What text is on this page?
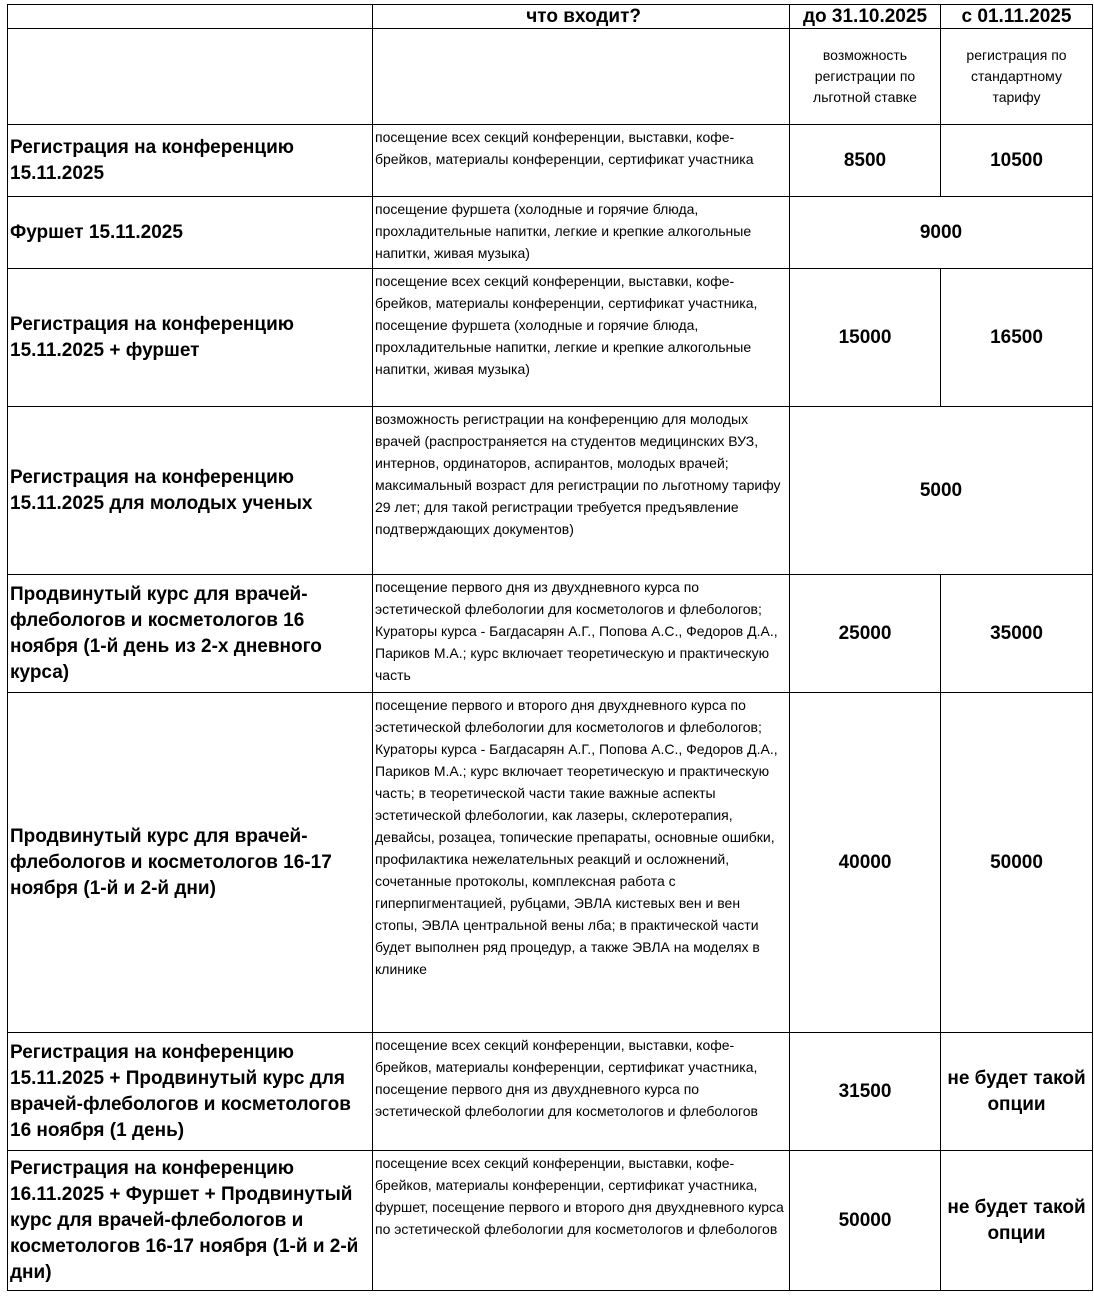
	что входит?	до 31.10.2025	с 01.11.2025
		возможность регистрации по льготной ставке	регистрация по стандартному тарифу
Регистрация на конференцию 15.11.2025	посещение всех секций конференции, выставки, кофе-брейков, материалы конференции, сертификат участника	8500	10500
Фуршет 15.11.2025	посещение фуршета (холодные и горячие блюда, прохладительные напитки, легкие и крепкие алкогольные напитки, живая музыка)	9000	
Регистрация на конференцию 15.11.2025 + фуршет	посещение всех секций конференции, выставки, кофе-брейков, материалы конференции, сертификат участника, посещение фуршета (холодные и горячие блюда, прохладительные напитки, легкие и крепкие алкогольные напитки, живая музыка)	15000	16500
Регистрация на конференцию 15.11.2025 для молодых ученых	возможность регистрации на конференцию для молодых врачей (распространяется на студентов медицинских ВУЗ, интернов, ординаторов, аспирантов, молодых врачей; максимальный возраст для регистрации по льготному тарифу 29 лет; для такой регистрации требуется предъявление подтверждающих документов)	5000	
Продвинутый курс для врачей-флебологов и косметологов 16 ноября (1-й день из 2-х дневного курса)	посещение первого дня из двухдневного курса по эстетической флебологии для косметологов и флебологов; Кураторы курса - Багдасарян А.Г., Попова А.С., Федоров Д.А., Париков М.А.; курс включает теоретическую и практическую часть	25000	35000
Продвинутый курс для врачей-флебологов и косметологов 16-17 ноября (1-й и 2-й дни)	посещение первого и второго дня двухдневного курса по эстетической флебологии для косметологов и флебологов; Кураторы курса - Багдасарян А.Г., Попова А.С., Федоров Д.А., Париков М.А.; курс включает теоретическую и практическую часть; в теоретической части такие важные аспекты эстетической флебологии, как лазеры, склеротерапия, девайсы, розацеа, топические препараты, основные ошибки, профилактика нежелательных реакций и осложнений, сочетанные протоколы, комплексная работа с гиперпигментацией, рубцами, ЭВЛА кистевых вен и вен стопы, ЭВЛА центральной вены лба; в практической части будет выполнен ряд процедур, а также ЭВЛА на моделях в клинике	40000	50000
Регистрация на конференцию 15.11.2025 + Продвинутый курс для врачей-флебологов и косметологов 16 ноября (1 день)	посещение всех секций конференции, выставки, кофе-брейков, материалы конференции, сертификат участника, посещение первого дня из двухдневного курса по эстетической флебологии для косметологов и флебологов	31500	не будет такой опции
Регистрация на конференцию 16.11.2025 + Фуршет + Продвинутый курс для врачей-флебологов и косметологов 16-17 ноября (1-й и 2-й дни)	посещение всех секций конференции, выставки, кофе-брейков, материалы конференции, сертификат участника, фуршет, посещение первого и второго дня двухдневного курса по эстетической флебологии для косметологов и флебологов	50000	не будет такой опции
